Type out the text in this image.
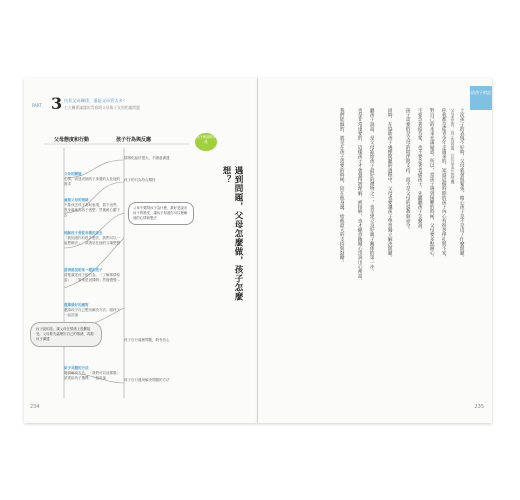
PART 3 抗拒父母關係，還是父母管太多？
七大關係議題的青春期父母與子女的相處問題
父母態度和行動	孩子行為與反應
父母的關懷
心情、表達這個孩子身邊的人及他的需求
處理父母的情緒
不要深怎孩子為何表現，寫下這些，設身處地為孩子著想；然後耐心聽下去
理解孩子要從各種的意念
「我知道你有很多想法，我們可以一起想辦法」，試著站在他的立場想想
當清楚說明某一種的孩子
清楚講述孩子的行為，「了解事情原委」：「原來是這樣啊」然後慢慢...
選擇最好的應對
邀請孩子自己想出解決方法；跟孩子一起討論
給予具體的方法
提供解決方法，「我們可以這樣做」試著給孩子選擇，一起討論
情緒化起伏很大，不願意溝通
孩子的行為符合期待
孩子自行處理問題，較有信心
孩子自行運用解決問題的方法
父母不要問孩子為什麼，最好是說出孩子的感受，讓孩子知道你可以理解他的心情和想法
孩子說的話，讓父母在情緒上很難接受，父母要先處理好自己的情緒，再跟孩子溝通
孩子困惑的時候
遇到問題，父母怎麼做，孩子怎麼想？
234
給孩子的話
上次孩子的表現不好時，父母就會很緊張，擔心孩子是不是出了什麼問題。
父母要記得：孩子的問題，往往是成長的契機
你我都是從青少年走過來的，知道這個時期的孩子內心有很多掙扎與不安，
對自己的未來充滿疑惑。所以，當孩子遇到困難的時候，父母要多點耐心。
不要急著給答案，也不要急著責備孩子，先聽聽孩子怎麼說。
孩子需要的是父母的陪伴與支持，而不是父母的說教與命令。
同時，在協助孩子處理問題的過程中，父母也要讓孩子學習獨立解決問題。
聽孩子說話，是父母能給孩子最好的禮物之一，也是建立良好親子關係的第一步。
也是非常重要的，這樣孩子才會覺得被理解、被接納，也才願意敞開心房說出心裡話。
我們能做的，就是在孩子需要的時候，陪在他身邊，給他最大的支持與鼓勵。
235
